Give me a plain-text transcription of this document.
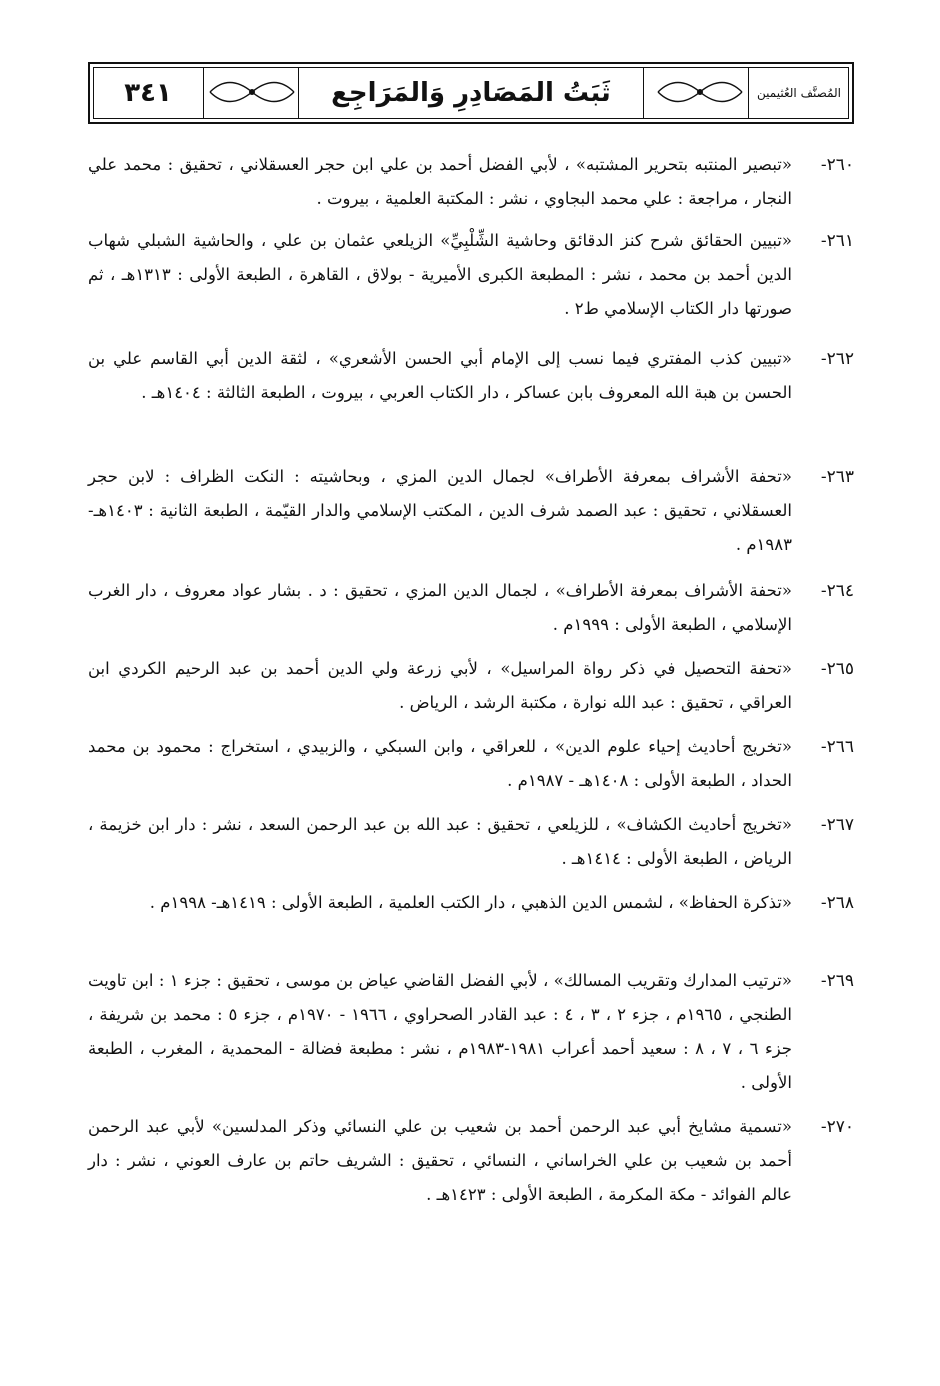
المُصنَّف العُثيمين
ثَبَتُ المَصَادِرِ وَالمَرَاجِع
٣٤١
٢٦٠-
«تبصير المنتبه بتحرير المشتبه» ، لأبي الفضل أحمد بن علي ابن حجر العسقلاني ، تحقيق : محمد علي النجار ، مراجعة : علي محمد البجاوي ، نشر : المكتبة العلمية ، بيروت .
٢٦١-
«تبيين الحقائق شرح كنز الدقائق وحاشية الشِّلْبِيِّ» الزيلعي عثمان بن علي ، والحاشية الشبلي شهاب الدين أحمد بن محمد ، نشر : المطبعة الكبرى الأميرية - بولاق ، القاهرة ، الطبعة الأولى : ١٣١٣هـ ، ثم صورتها دار الكتاب الإسلامي ط٢ .
٢٦٢-
«تبيين كذب المفتري فيما نسب إلى الإمام أبي الحسن الأشعري» ، لثقة الدين أبي القاسم علي بن الحسن بن هبة الله المعروف بابن عساكر ، دار الكتاب العربي ، بيروت ، الطبعة الثالثة : ١٤٠٤هـ .
٢٦٣-
«تحفة الأشراف بمعرفة الأطراف» لجمال الدين المزي ، وبحاشيته : النكت الظراف : لابن حجر العسقلاني ، تحقيق : عبد الصمد شرف الدين ، المكتب الإسلامي والدار القيّمة ، الطبعة الثانية : ١٤٠٣هـ- ١٩٨٣م .
٢٦٤-
«تحفة الأشراف بمعرفة الأطراف» ، لجمال الدين المزي ، تحقيق : د . بشار عواد معروف ، دار الغرب الإسلامي ، الطبعة الأولى : ١٩٩٩م .
٢٦٥-
«تحفة التحصيل في ذكر رواة المراسيل» ، لأبي زرعة ولي الدين أحمد بن عبد الرحيم الكردي ابن العراقي ، تحقيق : عبد الله نوارة ، مكتبة الرشد ، الرياض .
٢٦٦-
«تخريج أحاديث إحياء علوم الدين» ، للعراقي ، وابن السبكي ، والزبيدي ، استخراج : محمود بن محمد الحداد ، الطبعة الأولى : ١٤٠٨هـ - ١٩٨٧م .
٢٦٧-
«تخريج أحاديث الكشاف» ، للزيلعي ، تحقيق : عبد الله بن عبد الرحمن السعد ، نشر : دار ابن خزيمة ، الرياض ، الطبعة الأولى : ١٤١٤هـ .
٢٦٨-
«تذكرة الحفاظ» ، لشمس الدين الذهبي ، دار الكتب العلمية ، الطبعة الأولى : ١٤١٩هـ- ١٩٩٨م .
٢٦٩-
«ترتيب المدارك وتقريب المسالك» ، لأبي الفضل القاضي عياض بن موسى ، تحقيق : جزء ١ : ابن تاويت الطنجي ، ١٩٦٥م ، جزء ٢ ، ٣ ، ٤ : عبد القادر الصحراوي ، ١٩٦٦ - ١٩٧٠م ، جزء ٥ : محمد بن شريفة ، جزء ٦ ، ٧ ، ٨ : سعيد أحمد أعراب ١٩٨١-١٩٨٣م ، نشر : مطبعة فضالة - المحمدية ، المغرب ، الطبعة الأولى .
٢٧٠-
«تسمية مشايخ أبي عبد الرحمن أحمد بن شعيب بن علي النسائي وذكر المدلسين» لأبي عبد الرحمن أحمد بن شعيب بن علي الخراساني ، النسائي ، تحقيق : الشريف حاتم بن عارف العوني ، نشر : دار عالم الفوائد - مكة المكرمة ، الطبعة الأولى : ١٤٢٣هـ .
